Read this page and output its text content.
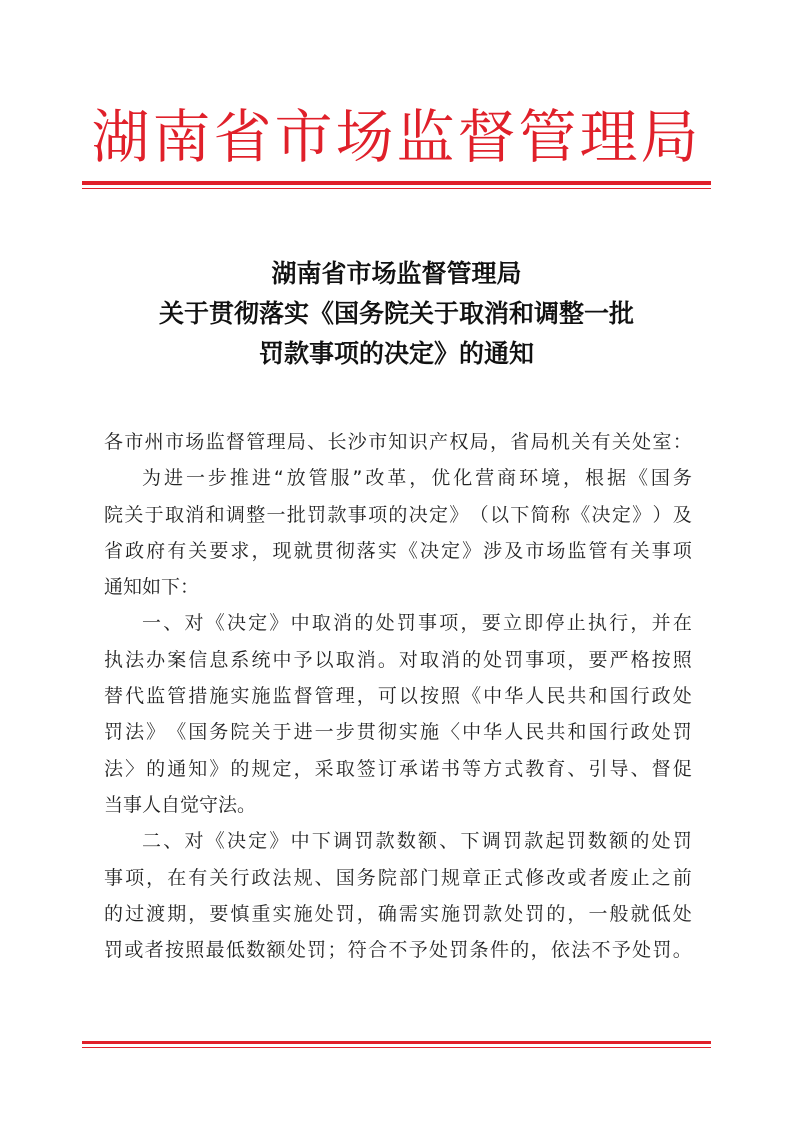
湖南省市场监督管理局
湖南省市场监督管理局
关于贯彻落实《国务院关于取消和调整一批
罚款事项的决定》的通知
各 市 州 市 场 监 督 管 理 局 、 长 沙 市 知 识 产 权 局 ， 省 局 机 关 有 关 处 室 ：
为 进 一 步 推 进 “ 放 管 服 ” 改 革 ， 优 化 营 商 环 境 ， 根 据 《 国 务
院 关 于 取 消 和 调 整 一 批 罚 款 事 项 的 决 定 》 （ 以 下 简 称 《 决 定 》 ） 及
省 政 府 有 关 要 求 ， 现 就 贯 彻 落 实 《 决 定 》 涉 及 市 场 监 管 有 关 事 项
通知如下：
一 、 对 《 决 定 》 中 取 消 的 处 罚 事 项 ， 要 立 即 停 止 执 行 ， 并 在
执 法 办 案 信 息 系 统 中 予 以 取 消 。 对 取 消 的 处 罚 事 项 ， 要 严 格 按 照
替 代 监 管 措 施 实 施 监 督 管 理 ， 可 以 按 照 《 中 华 人 民 共 和 国 行 政 处
罚 法 》 《 国 务 院 关 于 进 一 步 贯 彻 实 施 〈 中 华 人 民 共 和 国 行 政 处 罚
法 〉 的 通 知 》 的 规 定 ， 采 取 签 订 承 诺 书 等 方 式 教 育 、 引 导 、 督 促
当事人自觉守法。
二 、 对 《 决 定 》 中 下 调 罚 款 数 额 、 下 调 罚 款 起 罚 数 额 的 处 罚
事 项 ， 在 有 关 行 政 法 规 、 国 务 院 部 门 规 章 正 式 修 改 或 者 废 止 之 前
的 过 渡 期 ， 要 慎 重 实 施 处 罚 ， 确 需 实 施 罚 款 处 罚 的 ， 一 般 就 低 处
罚 或 者 按 照 最 低 数 额 处 罚 ； 符 合 不 予 处 罚 条 件 的 ， 依 法 不 予 处 罚 。
